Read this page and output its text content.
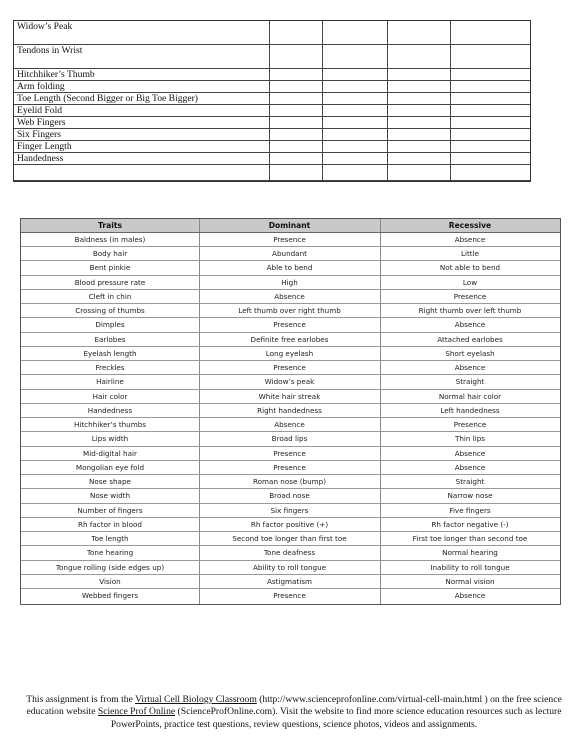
Widow’s Peak
Tendons in Wrist
Hitchhiker’s Thumb
Arm folding
Toe Length (Second Bigger or Big Toe Bigger)
Eyelid Fold
Web Fingers
Six Fingers
Finger Length
Handedness
Traits	Dominant	Recessive
Baldness (in males)	Presence	Absence
Body hair	Abundant	Little
Bent pinkie	Able to bend	Not able to bend
Blood pressure rate	High	Low
Cleft in chin	Absence	Presence
Crossing of thumbs	Left thumb over right thumb	Right thumb over left thumb
Dimples	Presence	Absence
Earlobes	Definite free earlobes	Attached earlobes
Eyelash length	Long eyelash	Short eyelash
Freckles	Presence	Absence
Hairline	Widow’s peak	Straight
Hair color	White hair streak	Normal hair color
Handedness	Right handedness	Left handedness
Hitchhiker’s thumbs	Absence	Presence
Lips width	Broad lips	Thin lips
Mid-digital hair	Presence	Absence
Mongolian eye fold	Presence	Absence
Nose shape	Roman nose (bump)	Straight
Nose width	Broad nose	Narrow nose
Number of fingers	Six fingers	Five fingers
Rh factor in blood	Rh factor positive (+)	Rh factor negative (-)
Toe length	Second toe longer than first toe	First toe longer than second toe
Tone hearing	Tone deafness	Normal hearing
Tongue rolling (side edges up)	Ability to roll tongue	Inability to roll tongue
Vision	Astigmatism	Normal vision
Webbed fingers	Presence	Absence
This assignment is from the Virtual Cell Biology Classroom (http://www.scienceprofonline.com/virtual-cell-main.html ) on the free science education website Science Prof Online (ScienceProfOnline.com). Visit the website to find more science education resources such as lecture PowerPoints, practice test questions, review questions, science photos, videos and assignments.
